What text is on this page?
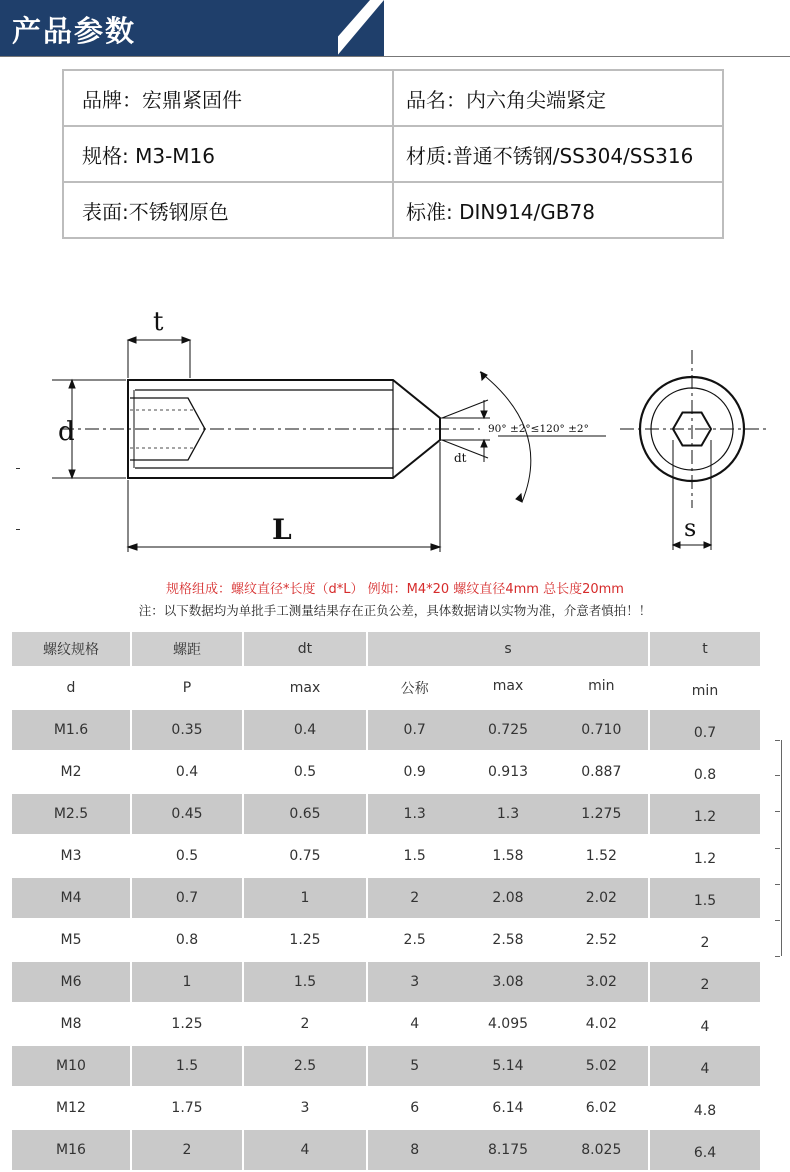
产品参数
品牌：宏鼎紧固件	品名：内六角尖端紧定
规格: M3-M16	材质:普通不锈钢/SS304/SS316
表面:不锈钢原色	标准: DIN914/GB78
t
d
L
90° ±2°≤120° ±2°
dt
s
规格组成：螺纹直径*长度（d*L） 例如：M4*20 螺纹直径4mm 总长度20mm
注：以下数据均为单批手工测量结果存在正负公差，具体数据请以实物为准，介意者慎拍！！
螺纹规格	螺距	dt	s	t
d	P	max	公称 max min	min
M1.6	0.35	0.4	0.7 0.725 0.710	0.7
M2	0.4	0.5	0.9 0.913 0.887	0.8
M2.5	0.45	0.65	1.3 1.3 1.275	1.2
M3	0.5	0.75	1.5 1.58 1.52	1.2
M4	0.7	1	2 2.08 2.02	1.5
M5	0.8	1.25	2.5 2.58 2.52	2
M6	1	1.5	3 3.08 3.02	2
M8	1.25	2	4 4.095 4.02	4
M10	1.5	2.5	5 5.14 5.02	4
M12	1.75	3	6 6.14 6.02	4.8
M16	2	4	8 8.175 8.025	6.4
